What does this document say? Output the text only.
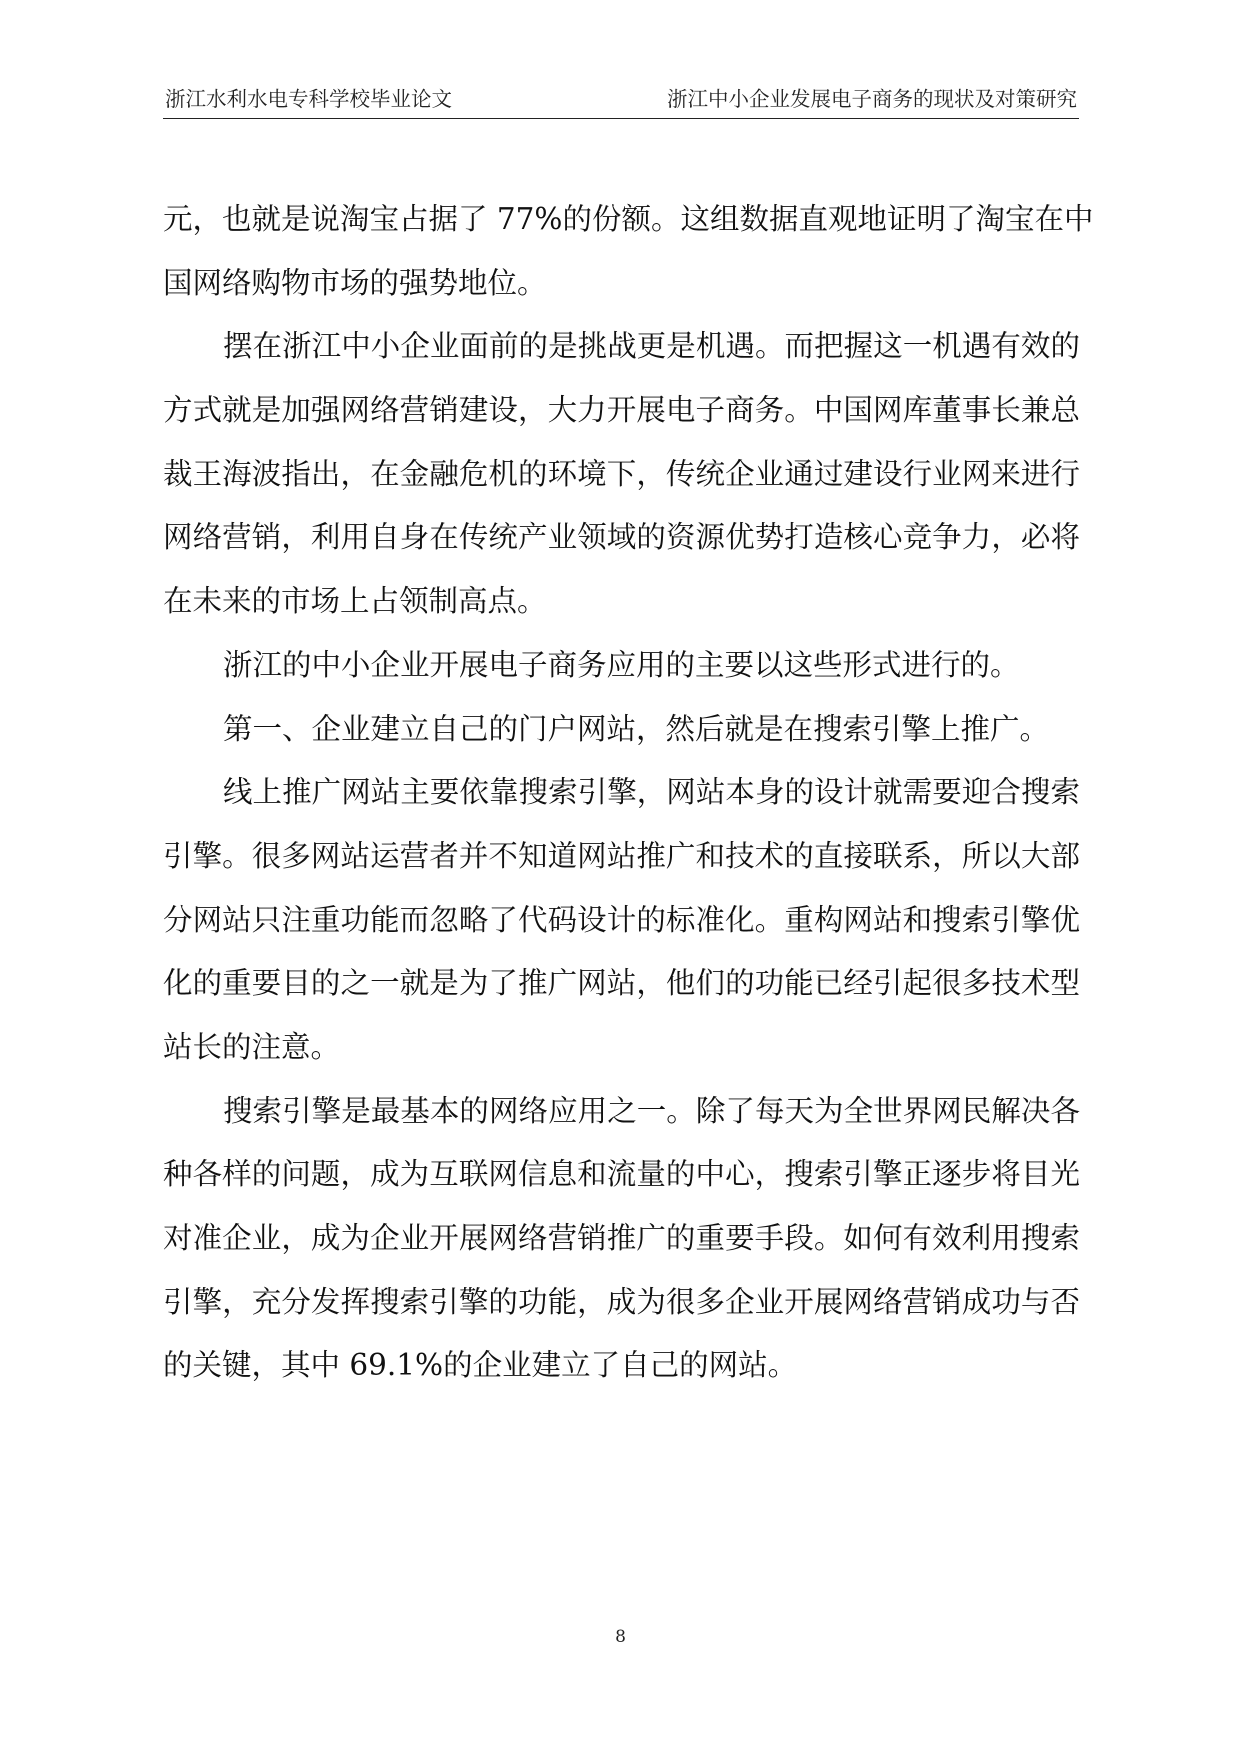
浙江水利水电专科学校毕业论文	浙江中小企业发展电子商务的现状及对策研究
元，也就是说淘宝占据了 77%的份额。这组数据直观地证明了淘宝在中
国网络购物市场的强势地位。
摆在浙江中小企业面前的是挑战更是机遇。而把握这一机遇有效的
方式就是加强网络营销建设，大力开展电子商务。中国网库董事长兼总
裁王海波指出，在金融危机的环境下，传统企业通过建设行业网来进行
网络营销，利用自身在传统产业领域的资源优势打造核心竞争力，必将
在未来的市场上占领制高点。
浙江的中小企业开展电子商务应用的主要以这些形式进行的。
第一、企业建立自己的门户网站，然后就是在搜索引擎上推广。
线上推广网站主要依靠搜索引擎，网站本身的设计就需要迎合搜索
引擎。很多网站运营者并不知道网站推广和技术的直接联系，所以大部
分网站只注重功能而忽略了代码设计的标准化。重构网站和搜索引擎优
化的重要目的之一就是为了推广网站，他们的功能已经引起很多技术型
站长的注意。
搜索引擎是最基本的网络应用之一。除了每天为全世界网民解决各
种各样的问题，成为互联网信息和流量的中心，搜索引擎正逐步将目光
对准企业，成为企业开展网络营销推广的重要手段。如何有效利用搜索
引擎，充分发挥搜索引擎的功能，成为很多企业开展网络营销成功与否
的关键，其中 69.1%的企业建立了自己的网站。
8
